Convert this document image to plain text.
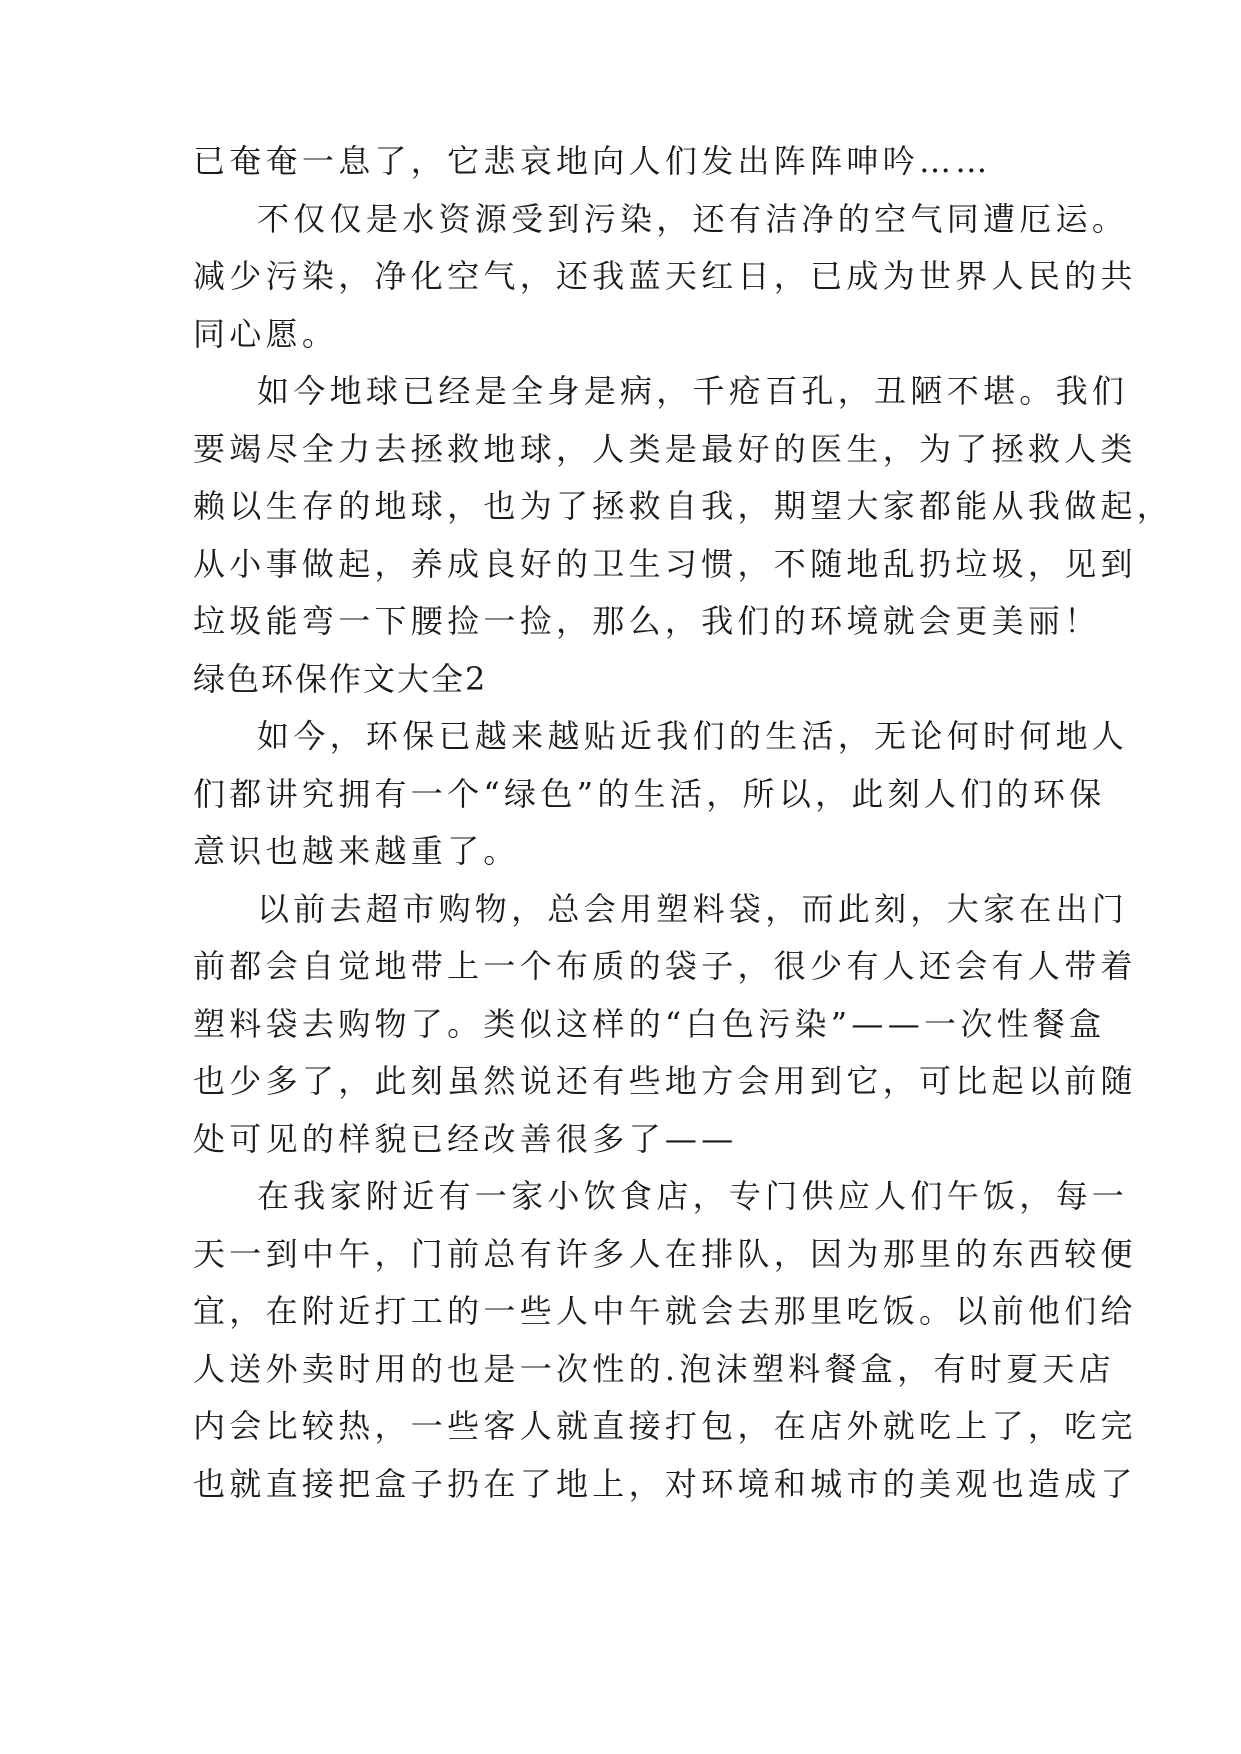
已奄奄一息了，它悲哀地向人们发出阵阵呻吟……
不仅仅是水资源受到污染，还有洁净的空气同遭厄运。
减少污染，净化空气，还我蓝天红日，已成为世界人民的共
同心愿。
如今地球已经是全身是病，千疮百孔，丑陋不堪。我们
要竭尽全力去拯救地球，人类是最好的医生，为了拯救人类
赖以生存的地球，也为了拯救自我，期望大家都能从我做起，
从小事做起，养成良好的卫生习惯，不随地乱扔垃圾，见到
垃圾能弯一下腰捡一捡，那么，我们的环境就会更美丽！
绿色环保作文大全2
如今，环保已越来越贴近我们的生活，无论何时何地人
们都讲究拥有一个“绿色”的生活，所以，此刻人们的环保
意识也越来越重了。
以前去超市购物，总会用塑料袋，而此刻，大家在出门
前都会自觉地带上一个布质的袋子，很少有人还会有人带着
塑料袋去购物了。类似这样的“白色污染”——一次性餐盒
也少多了，此刻虽然说还有些地方会用到它，可比起以前随
处可见的样貌已经改善很多了——
在我家附近有一家小饮食店，专门供应人们午饭，每一
天一到中午，门前总有许多人在排队，因为那里的东西较便
宜，在附近打工的一些人中午就会去那里吃饭。以前他们给
人送外卖时用的也是一次性的.泡沫塑料餐盒，有时夏天店
内会比较热，一些客人就直接打包，在店外就吃上了，吃完
也就直接把盒子扔在了地上，对环境和城市的美观也造成了
